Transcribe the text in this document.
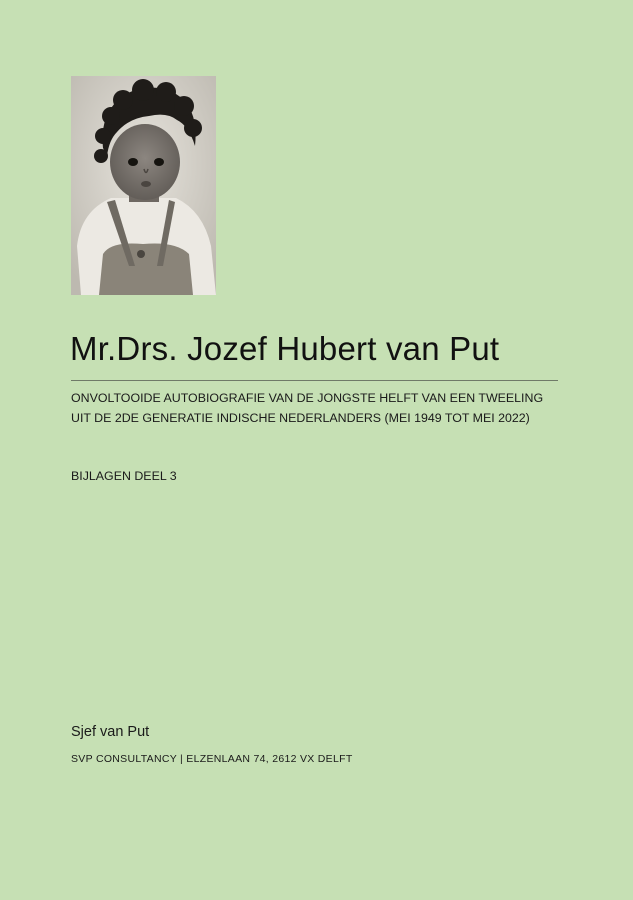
Mr.Drs. Jozef Hubert van Put
ONVOLTOOIDE AUTOBIOGRAFIE VAN DE JONGSTE HELFT VAN EEN TWEELING
UIT DE 2DE GENERATIE INDISCHE NEDERLANDERS (MEI 1949 TOT MEI 2022)
BIJLAGEN DEEL 3
Sjef van Put
SVP CONSULTANCY | ELZENLAAN 74, 2612 VX DELFT
